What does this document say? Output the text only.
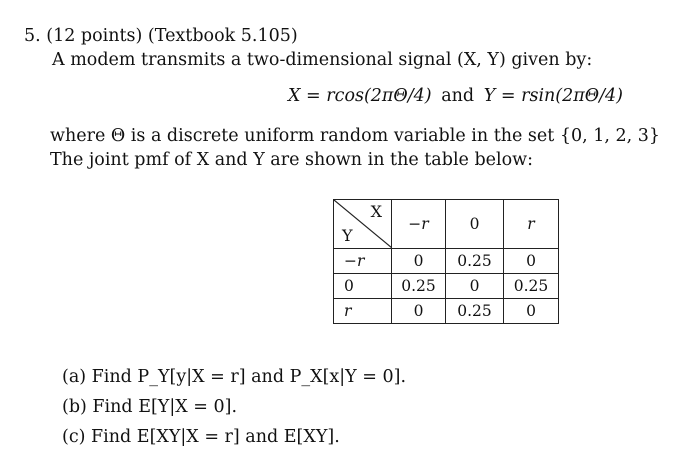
5. (12 points) (Textbook 5.105)
A modem transmits a two-dimensional signal (X, Y) given by:
X = rcos(2πΘ/4) and Y = rsin(2πΘ/4)
where Θ is a discrete uniform random variable in the set {0, 1, 2, 3}
The joint pmf of X and Y are shown in the table below:
X
Y	−r	0	r
−r	0	0.25	0
0	0.25	0	0.25
r	0	0.25	0
(a) Find P_Y[y|X = r] and P_X[x|Y = 0].
(b) Find E[Y|X = 0].
(c) Find E[XY|X = r] and E[XY].
